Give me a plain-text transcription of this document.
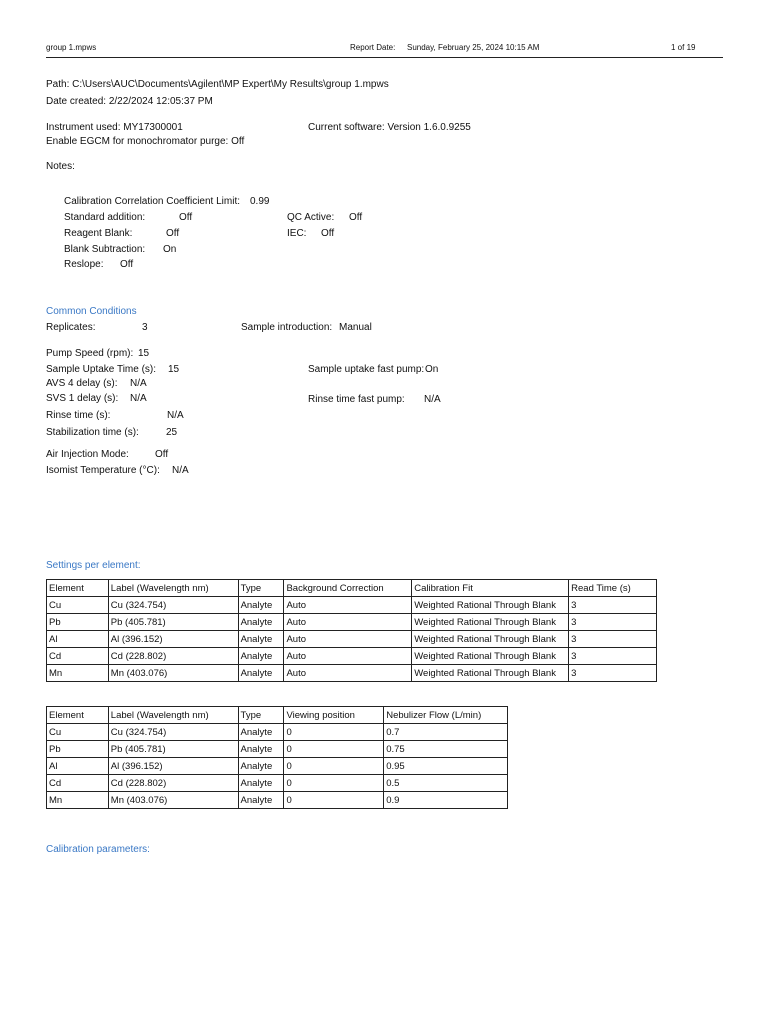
group 1.mpws	Report Date: Sunday, February 25, 2024 10:15 AM	1 of 19
Path: C:\Users\AUC\Documents\Agilent\MP Expert\My Results\group 1.mpws
Date created: 2/22/2024 12:05:37 PM
Instrument used: MY17300001	Current software: Version 1.6.0.9255
Enable EGCM for monochromator purge: Off
Notes:
Calibration Correlation Coefficient Limit: 0.99
Standard addition:	Off	QC Active: Off
Reagent Blank:	Off	IEC: Off
Blank Subtraction: On
Reslope: Off
Common Conditions
Replicates:	3	Sample introduction: Manual
Pump Speed (rpm): 15
Sample Uptake Time (s): 15	Sample uptake fast pump: On
AVS 4 delay (s): N/A
SVS 1 delay (s): N/A	Rinse time fast pump: N/A
Rinse time (s):	N/A
Stabilization time (s):	25
Air Injection Mode:	Off
Isomist Temperature (°C): N/A
Settings per element:
Element	Label (Wavelength nm)	Type	Background Correction	Calibration Fit	Read Time (s)
Cu	Cu (324.754)	Analyte	Auto	Weighted Rational Through Blank	3
Pb	Pb (405.781)	Analyte	Auto	Weighted Rational Through Blank	3
Al	Al (396.152)	Analyte	Auto	Weighted Rational Through Blank	3
Cd	Cd (228.802)	Analyte	Auto	Weighted Rational Through Blank	3
Mn	Mn (403.076)	Analyte	Auto	Weighted Rational Through Blank	3
Element	Label (Wavelength nm)	Type	Viewing position	Nebulizer Flow (L/min)
Cu	Cu (324.754)	Analyte	0	0.7
Pb	Pb (405.781)	Analyte	0	0.75
Al	Al (396.152)	Analyte	0	0.95
Cd	Cd (228.802)	Analyte	0	0.5
Mn	Mn (403.076)	Analyte	0	0.9
Calibration parameters:
